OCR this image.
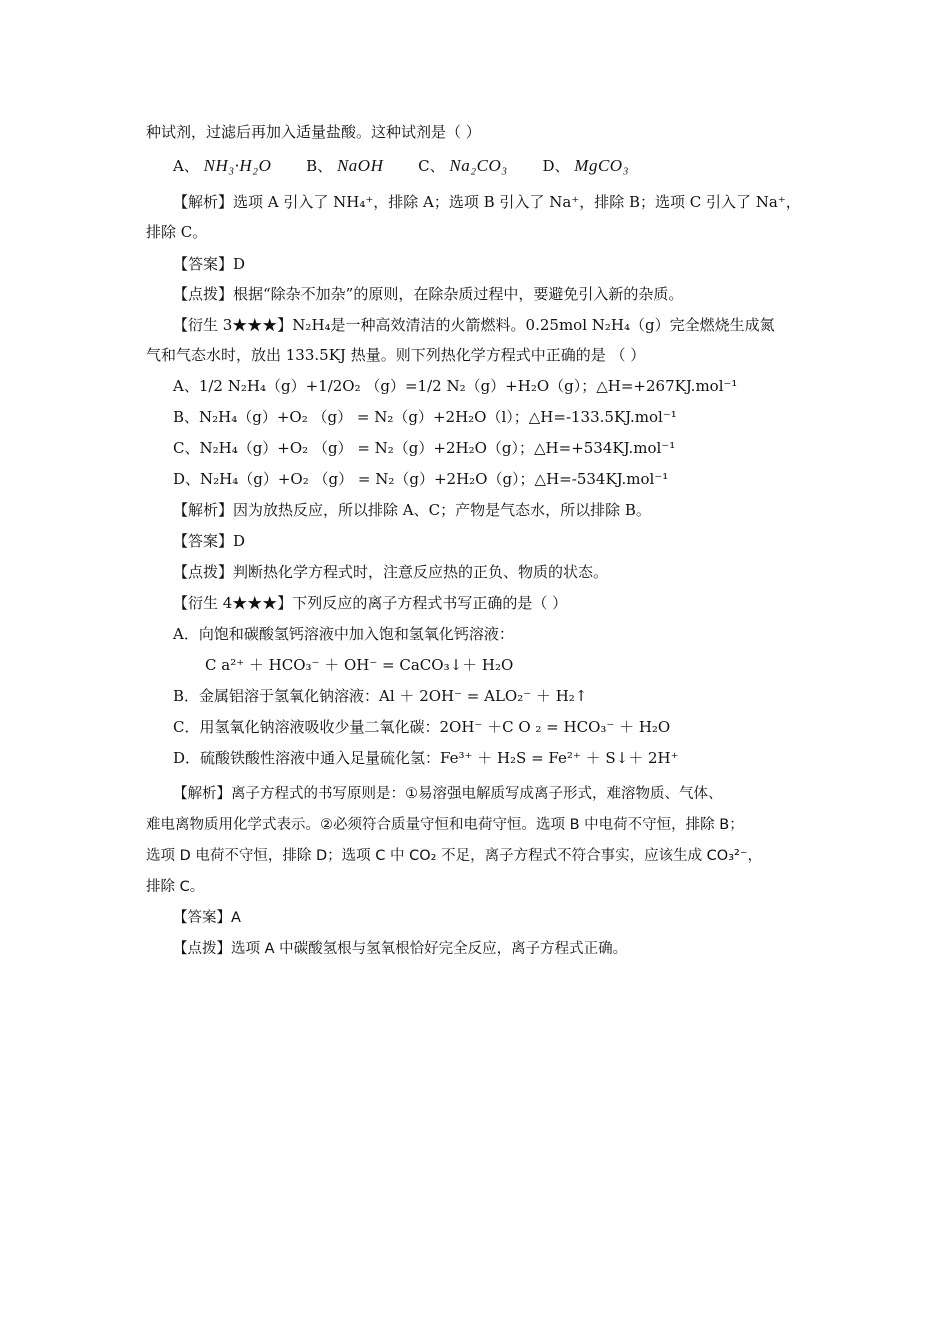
种试剂，过滤后再加入适量盐酸。这种试剂是（ ）
A、 NH₃·H₂O B、 NaOH C、 Na₂CO₃ D、 MgCO₃
【解析】选项 A 引入了 NH₄⁺，排除 A；选项 B 引入了 Na⁺，排除 B；选项 C 引入了 Na⁺，
排除 C。
【答案】D
【点拨】根据“除杂不加杂”的原则，在除杂质过程中，要避免引入新的杂质。
【衍生 3★★★】N₂H₄是一种高效清洁的火箭燃料。0.25mol N₂H₄（g）完全燃烧生成氮
气和气态水时，放出 133.5KJ 热量。则下列热化学方程式中正确的是 （ ）
A、1/2 N₂H₄（g）+1/2O₂ （g）=1/2 N₂（g）+H₂O（g）；△H=+267KJ.mol⁻¹
B、N₂H₄（g）+O₂ （g） = N₂（g）+2H₂O（l）；△H=-133.5KJ.mol⁻¹
C、N₂H₄（g）+O₂ （g） = N₂（g）+2H₂O（g）；△H=+534KJ.mol⁻¹
D、N₂H₄（g）+O₂ （g） = N₂（g）+2H₂O（g）；△H=-534KJ.mol⁻¹
【解析】因为放热反应，所以排除 A、C；产物是气态水，所以排除 B。
【答案】D
【点拨】判断热化学方程式时，注意反应热的正负、物质的状态。
【衍生 4★★★】下列反应的离子方程式书写正确的是（ ）
A．向饱和碳酸氢钙溶液中加入饱和氢氧化钙溶液：
C a²⁺ ＋ HCO₃⁻ ＋ OH⁻ = CaCO₃↓＋ H₂O
B．金属铝溶于氢氧化钠溶液：Al ＋ 2OH⁻ = ALO₂⁻ ＋ H₂↑
C．用氢氧化钠溶液吸收少量二氧化碳：2OH⁻ ＋C O ₂ = HCO₃⁻ ＋ H₂O
D．硫酸铁酸性溶液中通入足量硫化氢：Fe³⁺ ＋ H₂S = Fe²⁺ ＋ S↓＋ 2H⁺
【解析】离子方程式的书写原则是：①易溶强电解质写成离子形式，难溶物质、气体、
难电离物质用化学式表示。②必须符合质量守恒和电荷守恒。选项 B 中电荷不守恒，排除 B；
选项 D 电荷不守恒，排除 D；选项 C 中 CO₂ 不足，离子方程式不符合事实，应该生成 CO₃²⁻，
排除 C。
【答案】A
【点拨】选项 A 中碳酸氢根与氢氧根恰好完全反应，离子方程式正确。
